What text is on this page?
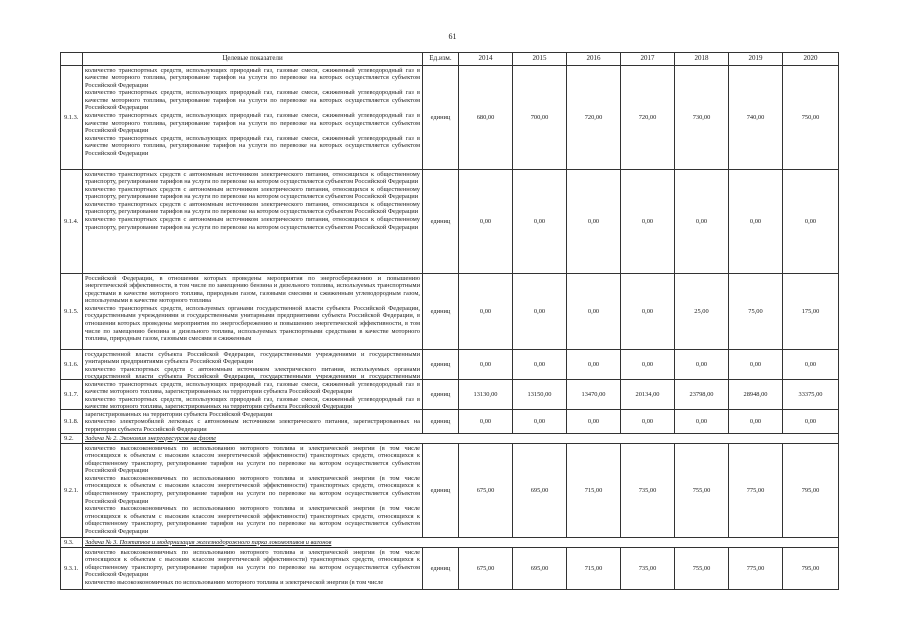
61
	Целевые показатели	Ед.изм.	2014	2015	2016	2017	2018	2019	2020
9.1.3.	количество транспортных средств, использующих природный газ, газовые смеси, сжиженный углеводородный газ в качестве моторного топлива, регулирование тарифов на услуги по перевозке на которых осуществляется субъектом Российской Федерации

количество транспортных средств, использующих природный газ, газовые смеси, сжиженный углеводородный газ в качестве моторного топлива, регулирование тарифов на услуги по перевозке на которых осуществляется субъектом Российской Федерации

количество транспортных средств, использующих природный газ, газовые смеси, сжиженный углеводородный газ в качестве моторного топлива, регулирование тарифов на услуги по перевозке на которых осуществляется субъектом Российской Федерации

количество транспортных средств, использующих природный газ, газовые смеси, сжиженный углеводородный газ в качестве моторного топлива, регулирование тарифов на услуги по перевозке на которых осуществляется субъектом Российской Федерации	единиц	680,00	700,00	720,00	720,00	730,00	740,00	750,00
9.1.4.	количество транспортных средств с автономным источником электрического питания, относящихся к общественному транспорту, регулирование тарифов на услуги по перевозке на котором осуществляется субъектом Российской Федерации

количество транспортных средств с автономным источником электрического питания, относящихся к общественному транспорту, регулирование тарифов на услуги по перевозке на котором осуществляется субъектом Российской Федерации

количество транспортных средств с автономным источником электрического питания, относящихся к общественному транспорту, регулирование тарифов на услуги по перевозке на котором осуществляется субъектом Российской Федерации

количество транспортных средств с автономным источником электрического питания, относящихся к общественному транспорту, регулирование тарифов на услуги по перевозке на котором осуществляется субъектом Российской Федерации	единиц	0,00	0,00	0,00	0,00	0,00	0,00	0,00
9.1.5.	Российской Федерации, в отношении которых проведены мероприятия по энергосбережению и повышению энергетической эффективности, в том числе по замещению бензина и дизельного топлива, используемых транспортными средствами в качестве моторного топлива, природным газом, газовыми смесями и сжиженным углеводородным газом, используемыми в качестве моторного топлива

количество транспортных средств, используемых органами государственной власти субъекта Российской Федерации, государственными учреждениями и государственными унитарными предприятиями субъекта Российской Федерации, в отношении которых проведены мероприятия по энергосбережению и повышению энергетической эффективности, в том числе по замещению бензина и дизельного топлива, используемых транспортными средствами в качестве моторного топлива, природным газом, газовыми смесями и сжиженным	единиц	0,00	0,00	0,00	0,00	25,00	75,00	175,00
9.1.6.	государственной власти субъекта Российской Федерации, государственными учреждениями и государственными унитарными предприятиями субъекта Российской Федерации

количество транспортных средств с автономным источником электрического питания, используемых органами государственной власти субъекта Российской Федерации, государственными учреждениями и государственными	единиц	0,00	0,00	0,00	0,00	0,00	0,00	0,00
9.1.7.	количество транспортных средств, использующих природный газ, газовые смеси, сжиженный углеводородный газ в качестве моторного топлива, зарегистрированных на территории субъекта Российской Федерации

количество транспортных средств, использующих природный газ, газовые смеси, сжиженный углеводородный газ в качестве моторного топлива, зарегистрированных на территории субъекта Российской Федерации	единиц	13130,00	13150,00	13470,00	20134,00	23798,00	28948,00	33375,00
9.1.8.	зарегистрированных на территории субъекта Российской Федерации

количество электромобилей легковых с автономным источником электрического питания, зарегистрированных на территории субъекта Российской Федерации	единиц	0,00	0,00	0,00	0,00	0,00	0,00	0,00
9.2.	Задача № 2. Экономия энергоресурсов на флоте								
9.2.1.	количество высокоэкономичных по использованию моторного топлива и электрической энергии (в том числе относящихся к объектам с высоким классом энергетической эффективности) транспортных средств, относящихся к общественному транспорту, регулирование тарифов на услуги по перевозке на котором осуществляется субъектом Российской Федерации

количество высокоэкономичных по использованию моторного топлива и электрической энергии (в том числе относящихся к объектам с высоким классом энергетической эффективности) транспортных средств, относящихся к общественному транспорту, регулирование тарифов на услуги по перевозке на котором осуществляется субъектом Российской Федерации

количество высокоэкономичных по использованию моторного топлива и электрической энергии (в том числе относящихся к объектам с высоким классом энергетической эффективности) транспортных средств, относящихся к общественному транспорту, регулирование тарифов на услуги по перевозке на котором осуществляется субъектом Российской Федерации	единиц	675,00	695,00	715,00	735,00	755,00	775,00	795,00
9.3.	Задача № 3. Поэтапное и модернизация железнодорожного парка локомотивов и вагонов								
9.3.1.	количество высокоэкономичных по использованию моторного топлива и электрической энергии (в том числе относящихся к объектам с высоким классом энергетической эффективности) транспортных средств, относящихся к общественному транспорту, регулирование тарифов на услуги по перевозке на котором осуществляется субъектом Российской Федерации

количество высокоэкономичных по использованию моторного топлива и электрической энергии (в том числе	единиц	675,00	695,00	715,00	735,00	755,00	775,00	795,00
